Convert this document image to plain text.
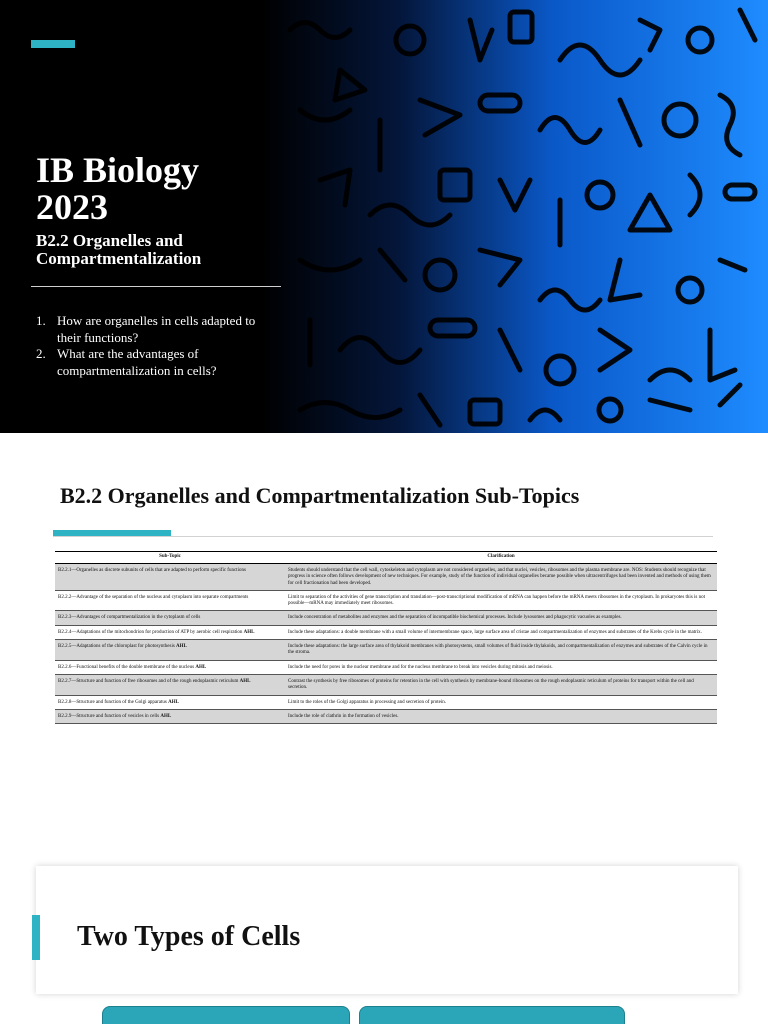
IB Biology 2023
B2.2 Organelles and Compartmentalization
1. How are organelles in cells adapted to their functions?
2. What are the advantages of compartmentalization in cells?
B2.2 Organelles and Compartmentalization Sub-Topics
Sub-Topic	Clarification
B2.2.1—Organelles as discrete subunits of cells that are adapted to perform specific functions	Students should understand that the cell wall, cytoskeleton and cytoplasm are not considered organelles, and that nuclei, vesicles, ribosomes and the plasma membrane are. NOS: Students should recognize that progress in science often follows development of new techniques. For example, study of the function of individual organelles became possible when ultracentrifuges had been invented and methods of using them for cell fractionation had been developed.
B2.2.2—Advantage of the separation of the nucleus and cytoplasm into separate compartments	Limit to separation of the activities of gene transcription and translation—post-transcriptional modification of mRNA can happen before the mRNA meets ribosomes in the cytoplasm. In prokaryotes this is not possible—mRNA may immediately meet ribosomes.
B2.2.3—Advantages of compartmentalization in the cytoplasm of cells	Include concentration of metabolites and enzymes and the separation of incompatible biochemical processes. Include lysosomes and phagocytic vacuoles as examples.
B2.2.4—Adaptations of the mitochondrion for production of ATP by aerobic cell respiration AHL	Include these adaptations: a double membrane with a small volume of intermembrane space, large surface area of cristae and compartmentalization of enzymes and substrates of the Krebs cycle in the matrix.
B2.2.5—Adaptations of the chloroplast for photosynthesis AHL	Include these adaptations: the large surface area of thylakoid membranes with photosystems, small volumes of fluid inside thylakoids, and compartmentalization of enzymes and substrates of the Calvin cycle in the stroma.
B2.2.6—Functional benefits of the double membrane of the nucleus AHL	Include the need for pores in the nuclear membrane and for the nucleus membrane to break into vesicles during mitosis and meiosis.
B2.2.7—Structure and function of free ribosomes and of the rough endoplasmic reticulum AHL	Contrast the synthesis by free ribosomes of proteins for retention in the cell with synthesis by membrane-bound ribosomes on the rough endoplasmic reticulum of proteins for transport within the cell and secretion.
B2.2.8—Structure and function of the Golgi apparatus AHL	Limit to the roles of the Golgi apparatus in processing and secretion of protein.
B2.2.9—Structure and function of vesicles in cells AHL	Include the role of clathrin in the formation of vesicles.
Two Types of Cells
